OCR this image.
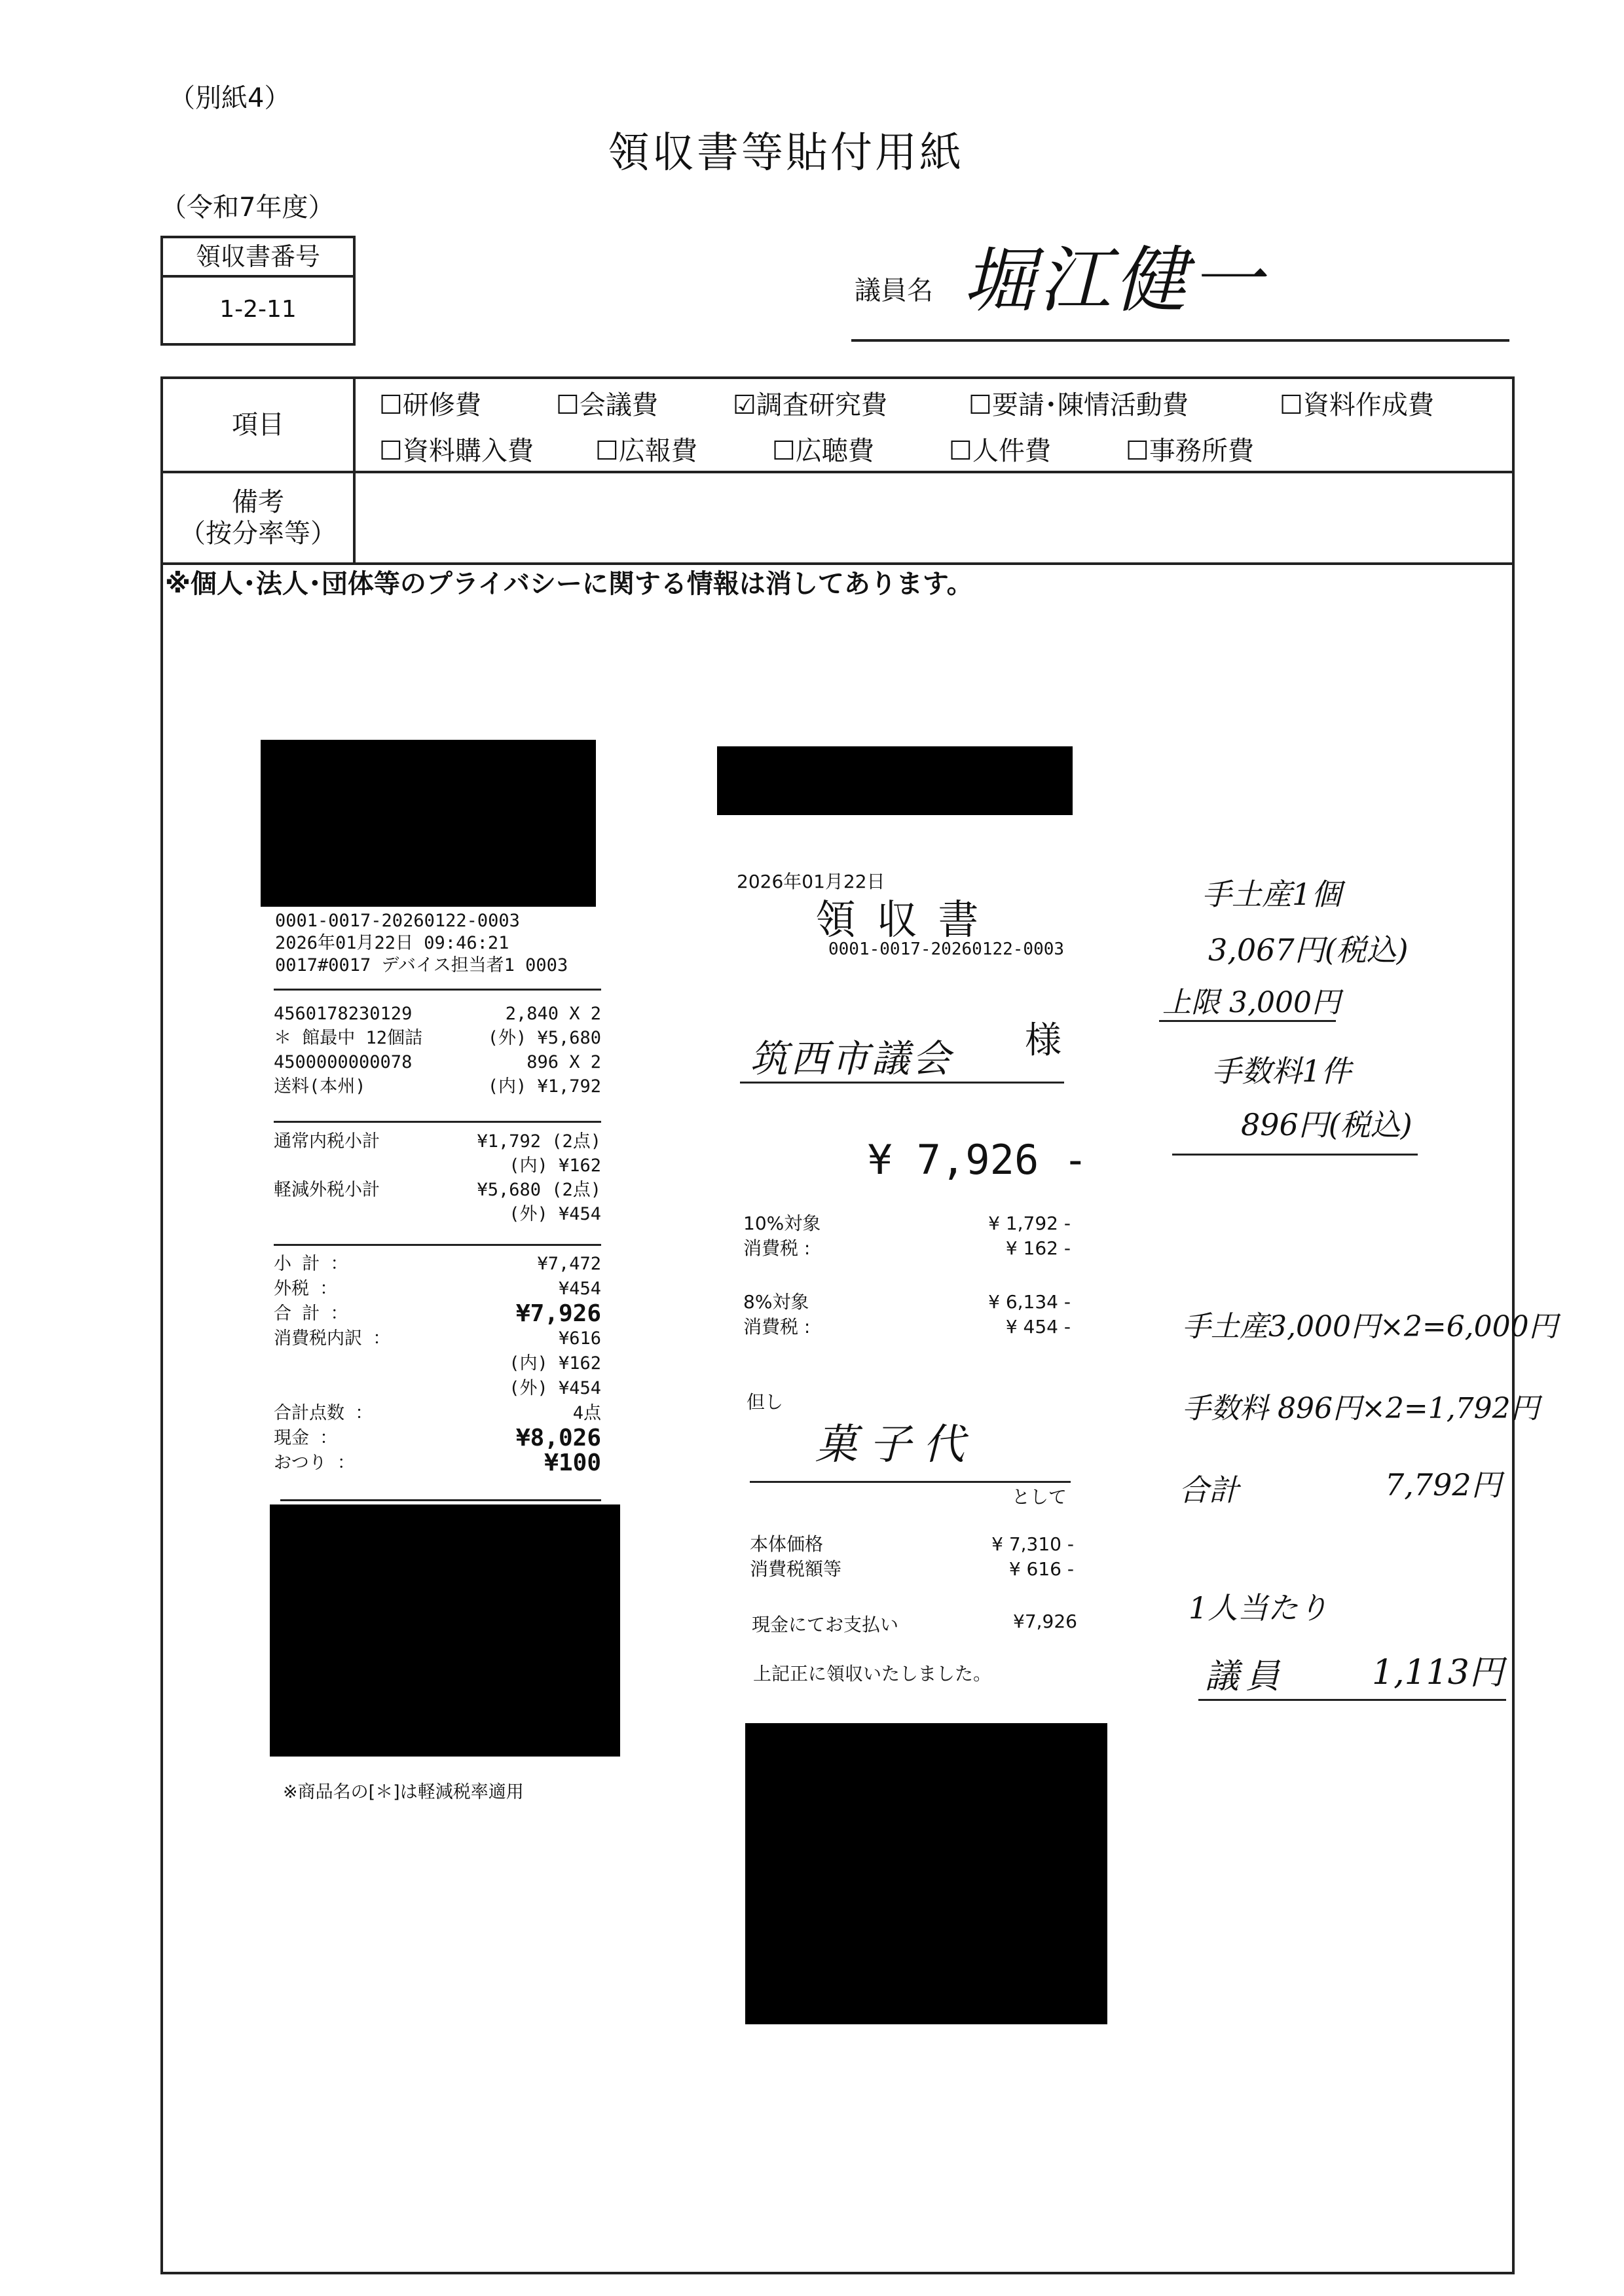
（別紙4）
領収書等貼付用紙
（令和7年度）
領収書番号
1-2-11
議員名 堀江健一
項目
☐研修費	☐会議費	☑調査研究費	☐要請･陳情活動費	☐資料作成費
☐資料購入費 ☐広報費	☐広聴費	☐人件費	☐事務所費
備考
（按分率等）
※個人･法人･団体等のプライバシーに関する情報は消してあります。
0001-0017-20260122-0003
2026年01月22日 09:46:21
0017#0017 デバイス担当者1 0003
4560178230129	2,840 X 2
＊ 館最中 12個詰	(外) ¥5,680
4500000000078	896 X 2
送料(本州)	(内) ¥1,792
通常内税小計	¥1,792 (2点)
(内) ¥162
軽減外税小計	¥5,680 (2点)
(外) ¥454
小 計 ：	¥7,472
外税 ：	¥454
合 計 ：	¥7,926
消費税内訳 ：	¥616
(内) ¥162
(外) ¥454
合計点数 ：	4点
現金 ：	¥8,026
おつり ：	¥100
※商品名の[＊]は軽減税率適用
2026年01月22日
領 収 書
0001-0017-20260122-0003
筑西市議会 様
¥ 7,926 -
10%対象	¥ 1,792 -
消費税 :	¥ 162 -
8%対象	¥ 6,134 -
消費税 :	¥ 454 -
但し
菓子代
として
本体価格	¥ 7,310 -
消費税額等	¥ 616 -
現金にてお支払い	¥7,926
上記正に領収いたしました。
手土産1個
3,067円(税込)
上限 3,000円
手数料1件
896円(税込)
手土産3,000円×2=6,000円
手数料 896円×2=1,792円
合計	7,792円
1人当たり
議員	1,113円
